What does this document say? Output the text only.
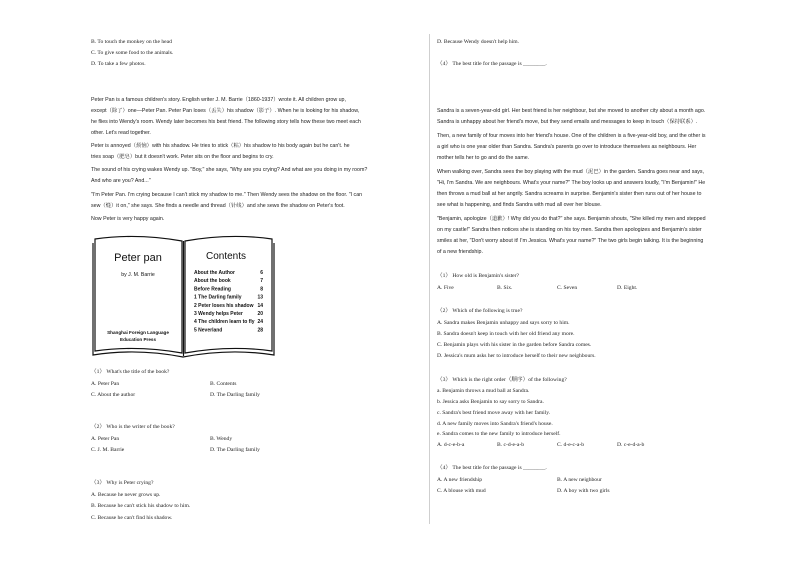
B. To touch the monkey on the head
C. To give some food to the animals.
D. To take a few photos.
Peter Pan is a famous children's story. English writer J. M. Barrie（1860-1937）wrote it. All children grow up,
except（除了）one—Peter Pan. Peter Pan loses（丢失）his shadow（影子）. When he is looking for his shadow,
he flies into Wendy's room. Wendy later becomes his best friend. The following story tells how these two meet each
other. Let's read together.
Peter is annoyed（烦恼）with his shadow. He tries to stick（粘）his shadow to his body again but he can't. he
tries soap（肥皂）but it doesn't work. Peter sits on the floor and begins to cry.
The sound of his crying wakes Wendy up. "Boy," she says, "Why are you crying? And what are you doing in my room?
And who are you? And..."
"I'm Peter Pan. I'm crying because I can't stick my shadow to me." Then Wendy sees the shadow on the floor. "I can
sew（缝）it on," she says. She finds a needle and thread（针线）and she sews the shadow on Peter's foot.
Now Peter is very happy again.
Peter pan
by J. M. Barrie
Shanghai Foreign Language
Education Press
Contents
About the Author	6
About the book	7
Before Reading	8
1 The Darling family	13
2 Peter loses his shadow 14
3 Wendy helps Peter	20
4 The children learn to fly 24
5 Neverland	28
（1） What's the title of the book?
A. Peter Pan	B. Contents
C. About the author	D. The Darling family
（2） Who is the writer of the book?
A. Peter Pan	B. Wendy
C. J. M. Barrie	D. The Darling family
（3） Why is Peter crying?
A. Because he never grows up.
B. Because he can't stick his shadow to him.
C. Because he can't find his shadow.
D. Because Wendy doesn't help him.
（4） The best title for the passage is ________.
Sandra is a seven-year-old girl. Her best friend is her neighbour, but she moved to another city about a month ago.
Sandra is unhappy about her friend's move, but they send emails and messages to keep in touch（保持联系）.
Then, a new family of four moves into her friend's house. One of the children is a five-year-old boy, and the other is
a girl who is one year older than Sandra. Sandra's parents go over to introduce themselves as neighbours. Her
mother tells her to go and do the same.
When walking over, Sandra sees the boy playing with the mud（泥巴）in the garden. Sandra goes near and says,
"Hi, I'm Sandra. We are neighbours. What's your name?" The boy looks up and answers loudly, "I'm Benjamin!" He
then throws a mud ball at her angrily. Sandra screams in surprise. Benjamin's sister then runs out of her house to
see what is happening, and finds Sandra with mud all over her blouse.
"Benjamin, apologize（道歉）! Why did you do that?" she says. Benjamin shouts, "She killed my men and stepped
on my castle!" Sandra then notices she is standing on his toy men. Sandra then apologizes and Benjamin's sister
smiles at her, "Don't worry about it! I'm Jessica. What's your name?" The two girls begin talking. It is the beginning
of a new friendship.
（1） How old is Benjamin's sister?
A. Five	B. Six.	C. Seven	D. Eight.
（2） Which of the following is true?
A. Sandra makes Benjamin unhappy and says sorry to him.
B. Sandra doesn't keep in touch with her old friend any more.
C. Benjamin plays with his sister in the garden before Sandra comes.
D. Jessica's mum asks her to introduce herself to their new neighbours.
（3） Which is the right order（顺序）of the following?
a. Benjamin throws a mud ball at Sandra.
b. Jessica asks Benjamin to say sorry to Sandra.
c. Sandra's best friend move away with her family.
d. A new family moves into Sandra's friend's house.
e. Sandra comes to the new family to introduce herself.
A. d-c-e-b-a	B. c-d-e-a-b	C. d-e-c-a-b	D. c-e-d-a-b
（4） The best title for the passage is ________.
A. A new friendship	B. A new neighbour
C. A blouse with mud	D. A boy with two girls
